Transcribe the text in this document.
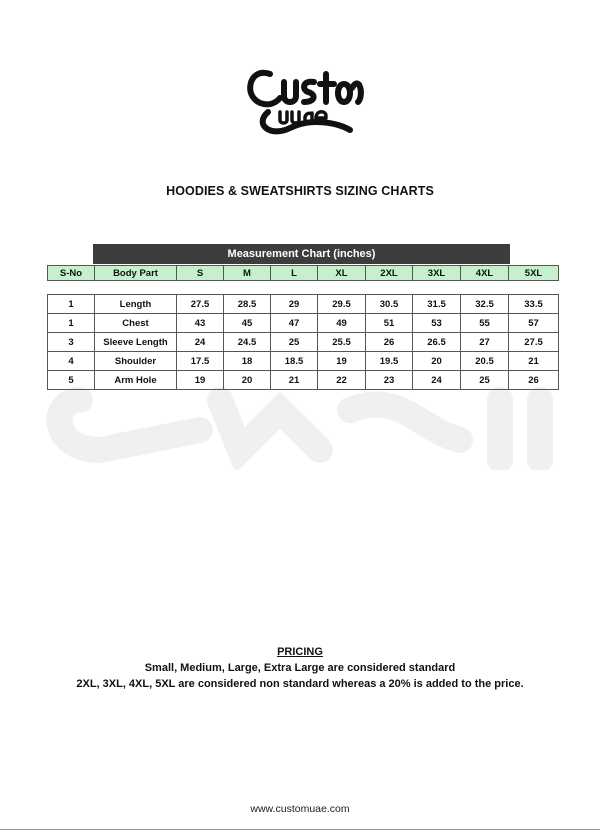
HOODIES & SWEATSHIRTS SIZING CHARTS
Measurement Chart (inches)
S-No	Body Part	S	M	L	XL	2XL	3XL	4XL	5XL
1	Length	27.5	28.5	29	29.5	30.5	31.5	32.5	33.5
1	Chest	43	45	47	49	51	53	55	57
3	Sleeve Length	24	24.5	25	25.5	26	26.5	27	27.5
4	Shoulder	17.5	18	18.5	19	19.5	20	20.5	21
5	Arm Hole	19	20	21	22	23	24	25	26
PRICING
Small, Medium, Large, Extra Large are considered standard
2XL, 3XL, 4XL, 5XL are considered non standard whereas a 20% is added to the price.
www.customuae.com
